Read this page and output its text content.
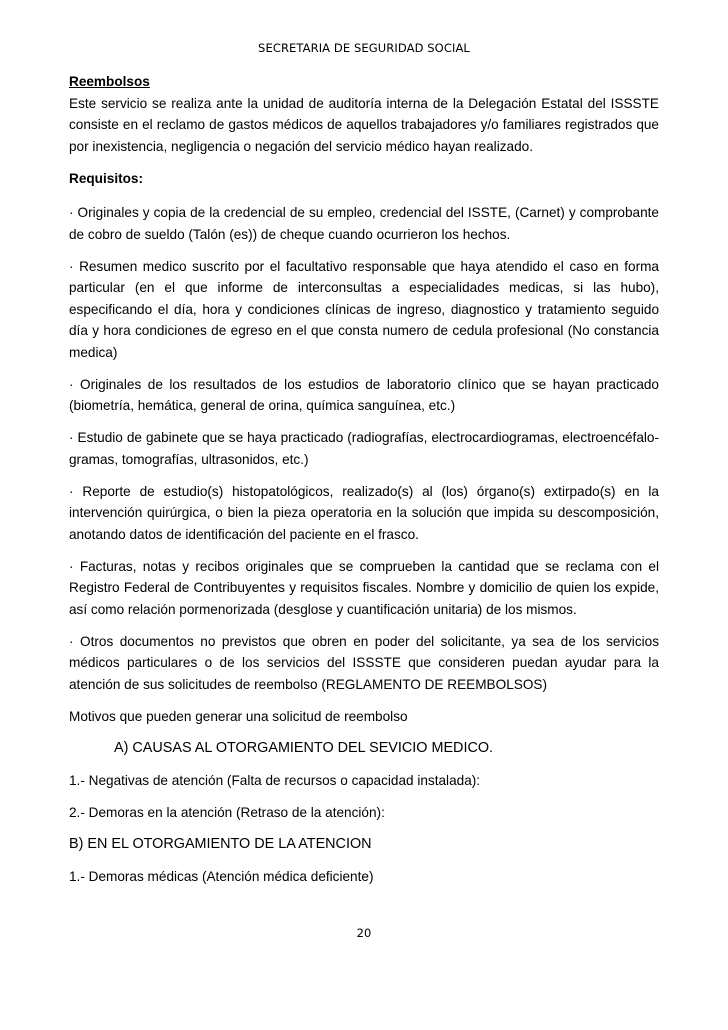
SECRETARIA DE SEGURIDAD SOCIAL

Reembolsos

Este servicio se realiza ante la unidad de auditoría interna de la Delegación Estatal del ISSSTE consiste en el reclamo de gastos médicos de aquellos trabajadores y/o familiares registrados que por inexistencia, negligencia o negación del servicio médico hayan realizado.

Requisitos:

· Originales y copia de la credencial de su empleo, credencial del ISSTE, (Carnet) y comprobante de cobro de sueldo (Talón (es)) de cheque cuando ocurrieron los hechos.

· Resumen medico suscrito por el facultativo responsable que haya atendido el caso en forma particular (en el que informe de interconsultas a especialidades medicas, si las hubo), especificando el día, hora y condiciones clínicas de ingreso, diagnostico y tratamiento seguido día y hora condiciones de egreso en el que consta numero de cedula profesional (No constancia medica)

· Originales de los resultados de los estudios de laboratorio clínico que se hayan practicado (biometría, hemática, general de orina, química sanguínea, etc.)

· Estudio de gabinete que se haya practicado (radiografías, electrocardiogramas, electroencéfalo-gramas, tomografías, ultrasonidos, etc.)

· Reporte de estudio(s) histopatológicos, realizado(s) al (los) órgano(s) extirpado(s) en la intervención quirúrgica, o bien la pieza operatoria en la solución que impida su descomposición, anotando datos de identificación del paciente en el frasco.

· Facturas, notas y recibos originales que se comprueben la cantidad que se reclama con el Registro Federal de Contribuyentes y requisitos fiscales. Nombre y domicilio de quien los expide, así como relación pormenorizada (desglose y cuantificación unitaria) de los mismos.

· Otros documentos no previstos que obren en poder del solicitante, ya sea de los servicios médicos particulares o de los servicios del ISSSTE que consideren puedan ayudar para la atención de sus solicitudes de reembolso (REGLAMENTO DE REEMBOLSOS)

Motivos que pueden generar una solicitud de reembolso

A) CAUSAS AL OTORGAMIENTO DEL SEVICIO MEDICO.

1.- Negativas de atención (Falta de recursos o capacidad instalada):

2.- Demoras en la atención (Retraso de la atención):

B) EN EL OTORGAMIENTO DE LA ATENCION

1.- Demoras médicas (Atención médica deficiente)

20
